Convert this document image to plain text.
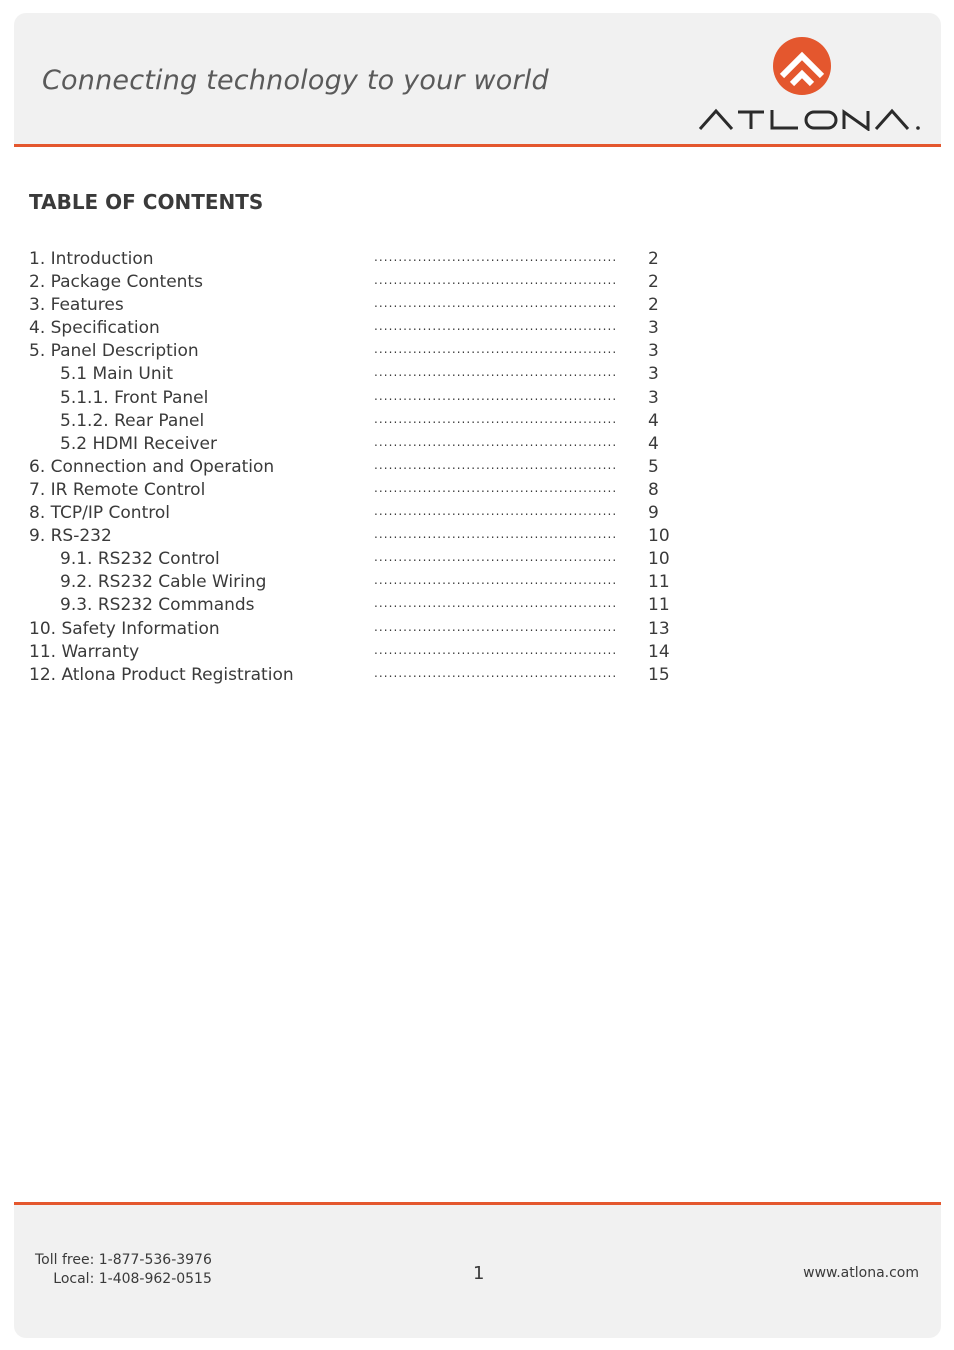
Connecting technology to your world
TABLE OF CONTENTS
1. Introduction	..................................................	2
2. Package Contents	..................................................	2
3. Features	..................................................	2
4. Specification	..................................................	3
5. Panel Description	..................................................	3
5.1 Main Unit	..................................................	3
5.1.1. Front Panel	..................................................	3
5.1.2. Rear Panel	..................................................	4
5.2 HDMI Receiver	..................................................	4
6. Connection and Operation	..................................................	5
7. IR Remote Control	..................................................	8
8. TCP/IP Control	..................................................	9
9. RS-232	..................................................	10
9.1. RS232 Control	..................................................	10
9.2. RS232 Cable Wiring	..................................................	11
9.3. RS232 Commands	..................................................	11
10. Safety Information	..................................................	13
11. Warranty	..................................................	14
12. Atlona Product Registration	..................................................	15
Toll free: 1-877-536-3976
Local: 1-408-962-0515	1	www.atlona.com
